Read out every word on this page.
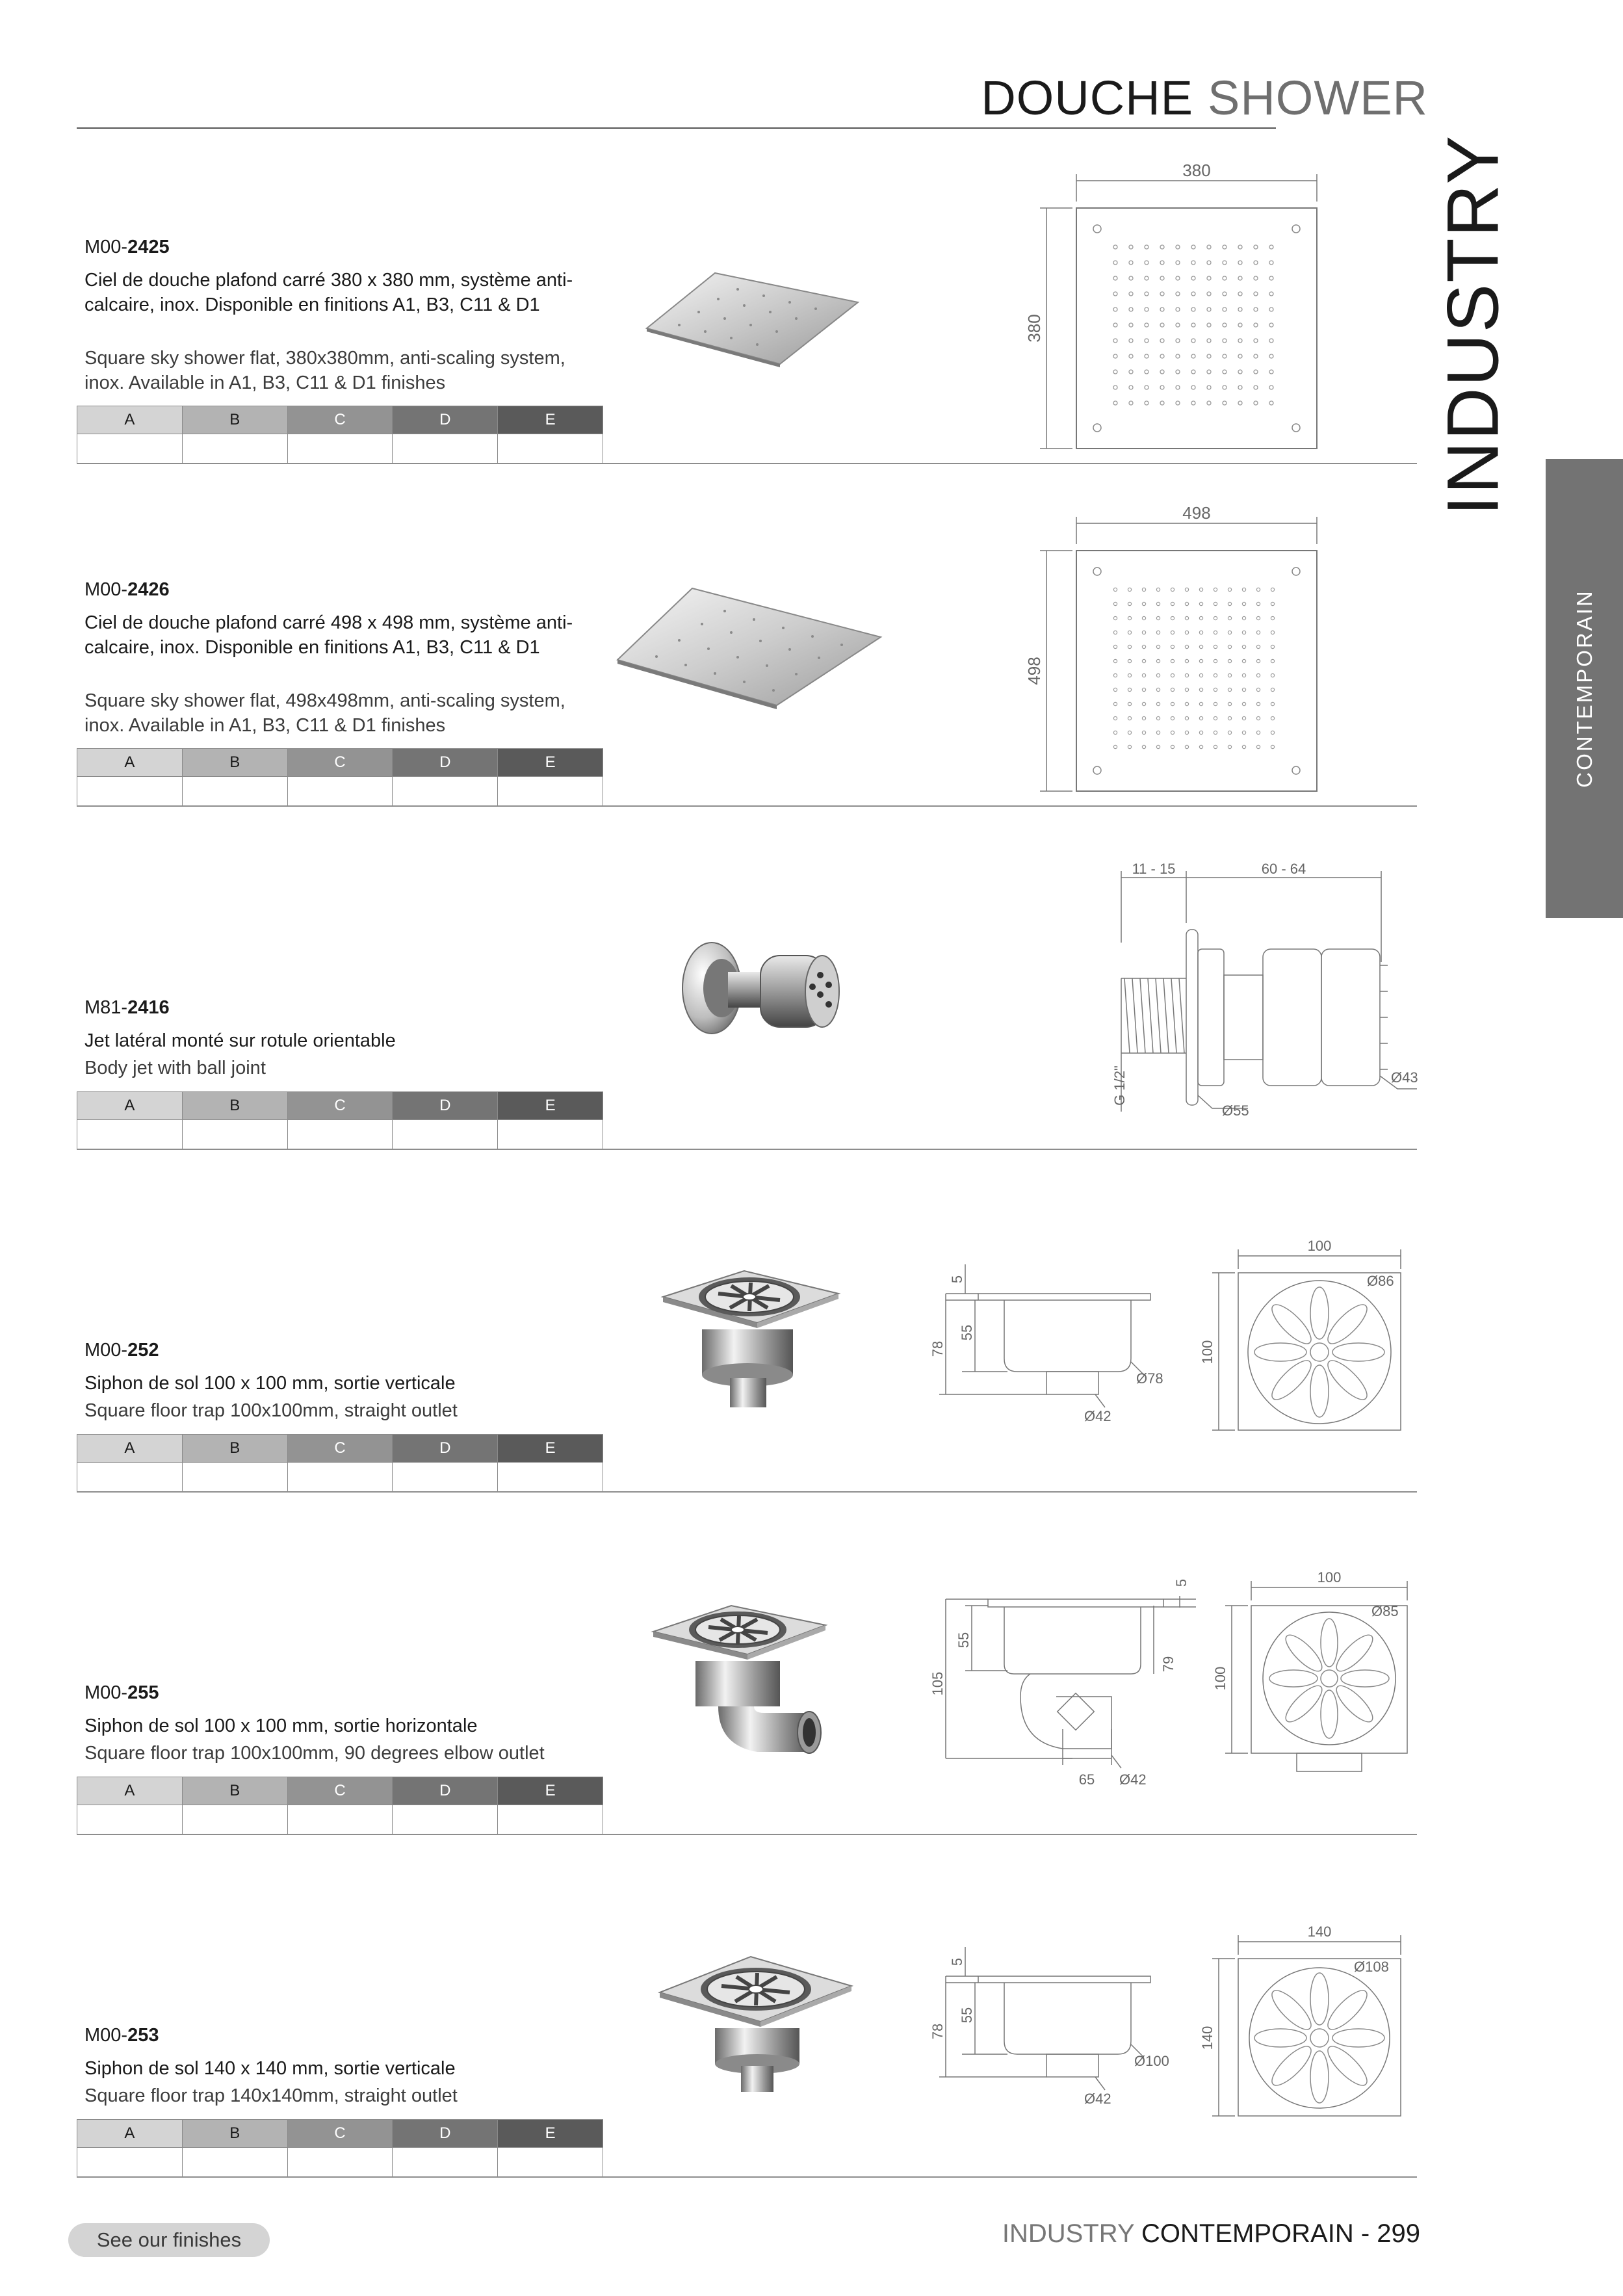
DOUCHE SHOWER
INDUSTRY
CONTEMPORAIN
M00-2425
Ciel de douche plafond carré 380 x 380 mm, système anti-calcaire, inox. Disponible en finitions A1, B3, C11 & D1
Square sky shower flat, 380x380mm, anti-scaling system, inox. Available in A1, B3, C11 & D1 finishes
A	B	C	D	E

380
380
M00-2426
Ciel de douche plafond carré 498 x 498 mm, système anti-calcaire, inox. Disponible en finitions A1, B3, C11 & D1
Square sky shower flat, 498x498mm, anti-scaling system, inox. Available in A1, B3, C11 & D1 finishes
A	B	C	D	E

498
498
M81-2416
Jet latéral monté sur rotule orientable
Body jet with ball joint
A	B	C	D	E

11 - 15	60 - 64
G 1/2"
Ø55
Ø43
M00-252
Siphon de sol 100 x 100 mm, sortie verticale
Square floor trap 100x100mm, straight outlet
A	B	C	D	E

5
78
55
Ø78
Ø42
100
100
Ø86
M00-255
Siphon de sol 100 x 100 mm, sortie horizontale
Square floor trap 100x100mm, 90 degrees elbow outlet
A	B	C	D	E

5
105
55
79
65 Ø42
100
100
Ø85
M00-253
Siphon de sol 140 x 140 mm, sortie verticale
Square floor trap 140x140mm, straight outlet
A	B	C	D	E

5
78
55
Ø100
Ø42
140
140
Ø108
See our finishes	INDUSTRY CONTEMPORAIN - 299
